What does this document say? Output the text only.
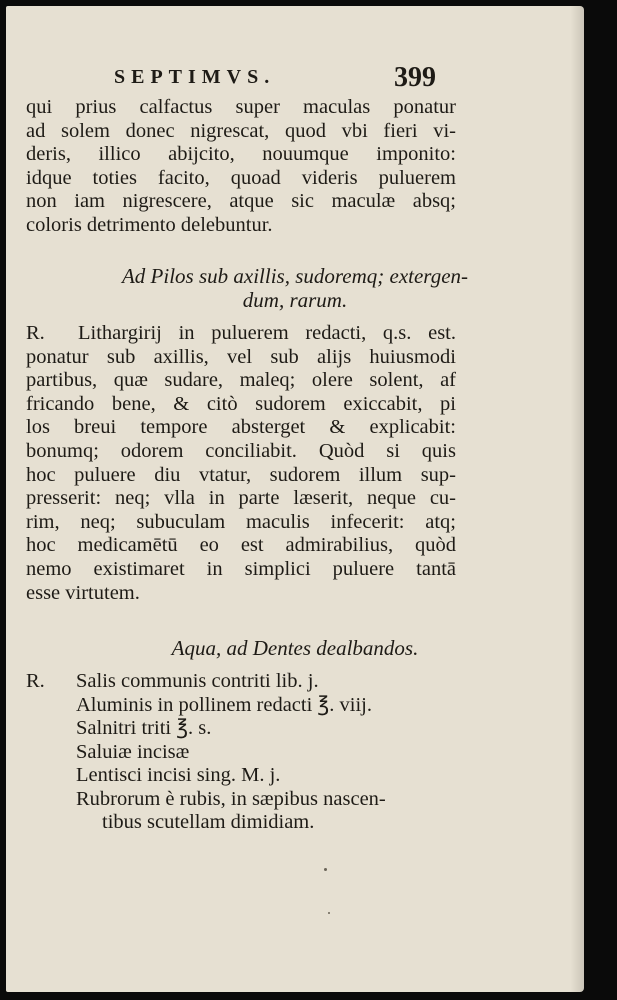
SEPTIMVS.	399
qui prius calfactus super maculas ponatur
ad solem donec nigrescat, quod vbi fieri vi-
deris, illico abijcito, nouumque imponito:
idque toties facito, quoad videris puluerem
non iam nigrescere, atque sic maculæ absq;
coloris detrimento delebuntur.
Ad Pilos sub axillis, sudoremq; extergen-
dum, rarum.
R.	Lithargirij in puluerem redacti, q.s. est.
ponatur sub axillis, vel sub alijs huiusmodi
partibus, quæ sudare, maleq; olere solent, af
fricando bene, & citò sudorem exiccabit, pi
los breui tempore absterget & explicabit:
bonumq; odorem conciliabit. Quòd si quis
hoc puluere diu vtatur, sudorem illum sup-
presserit: neq; vlla in parte læserit, neque cu-
rim, neq; subuculam maculis infecerit: atq;
hoc medicamētū eo est admirabilius, quòd
nemo existimaret in simplici puluere tantā
esse virtutem.
Aqua, ad Dentes dealbandos.
R. Salis communis contriti lib. j.
Aluminis in pollinem redacti ℥. viij.
Salnitri triti ℥. s.
Saluiæ incisæ
Lentisci incisi sing. M. j.
Rubrorum è rubis, in sæpibus nascen-
tibus scutellam dimidiam.
